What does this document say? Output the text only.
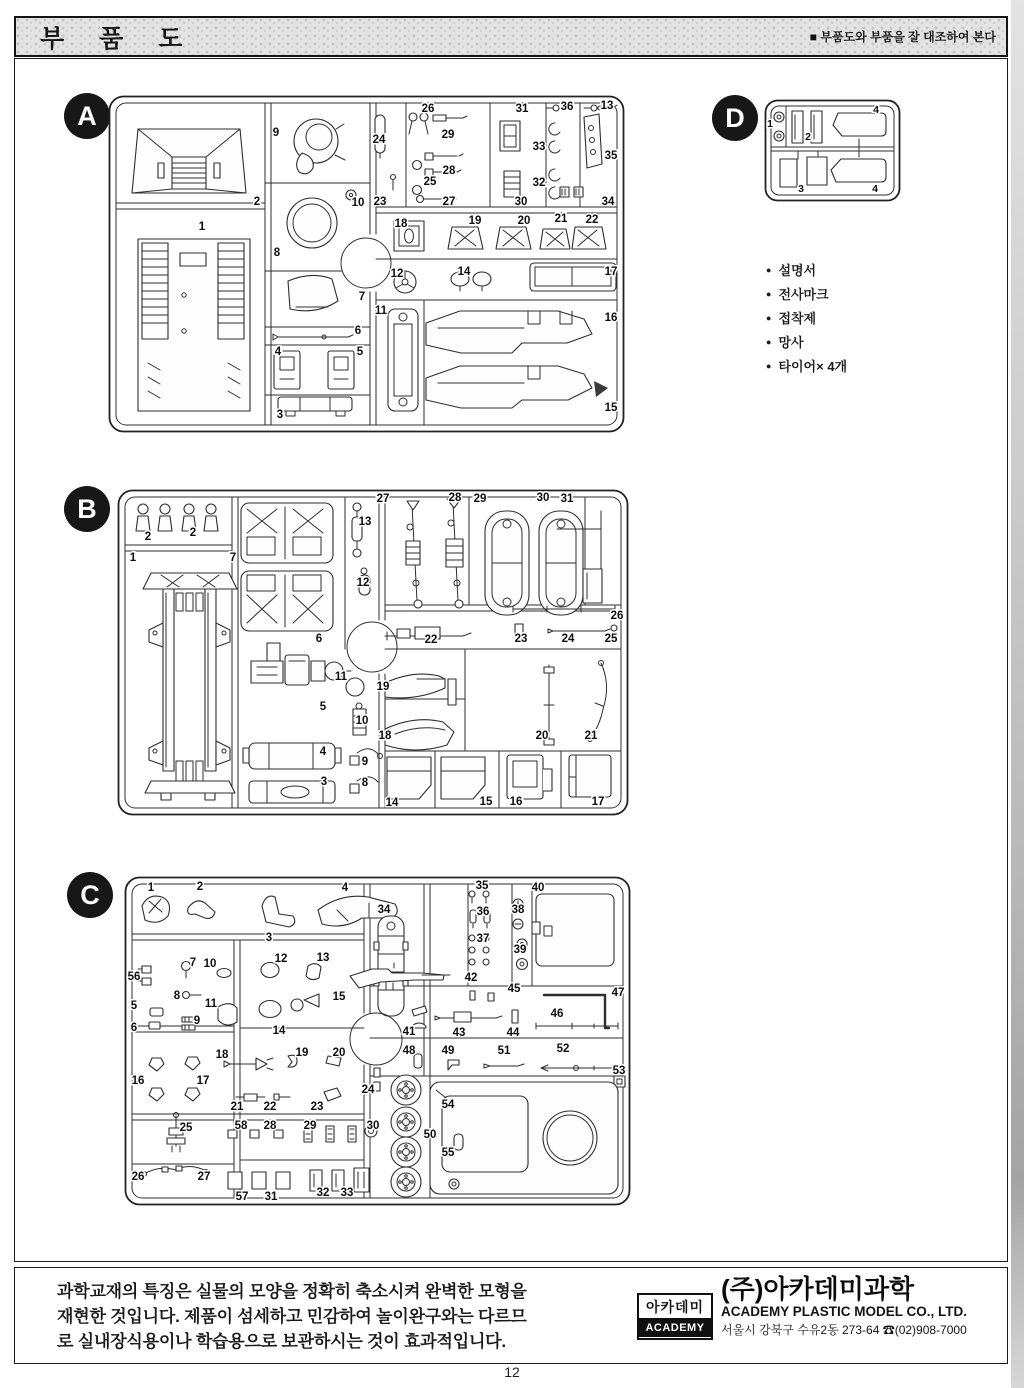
부 품 도	■ 부품도와 부품을 잘 대조하여 본다
A
B
C
D
2
1
9
10
8
7
6
4	5
3
24
26
29
25
28
23	27
31
30
33
32
36 13
35
34
18	19	20 21 22
12	14	17
11
16
15
2	2
1	7
13
12
6
5
11
10
4
9
3	8
27	28 29	30 31
26
22	23	24	25
19
18	20	21
14	15 16	17
1	2
3
4
56
7 10	12	13
8
5	11
15
6
9
14
16	17
18	19 20
24
21 22	23
25	58 28 29	30
26	27
57 31	32 33
34
35
36
37
38
39
40
42
45	47
41	43	44
46
48 49	51	52
53
54
50
55
1
2
4
3	4
● 설명서
● 전사마크
● 접착제
● 망사
● 타이어× 4개
과학교재의 특징은 실물의 모양을 정확히 축소시켜 완벽한 모형을
재현한 것입니다. 제품이 섬세하고 민감하여 놀이완구와는 다르므
로 실내장식용이나 학습용으로 보관하시는 것이 효과적입니다.
아카데미
ACADEMY
(주)아카데미과학
ACADEMY PLASTIC MODEL CO., LTD.
서울시 강북구 수유2동 273-64 ☎(02)908-7000
12
